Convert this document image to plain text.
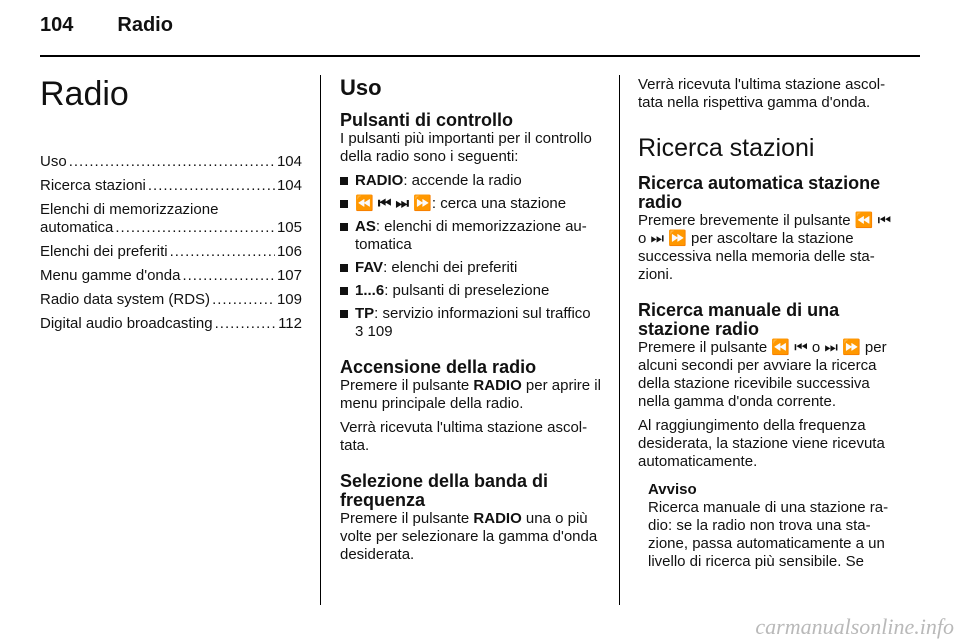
104 Radio
Radio
Uso .....	104
Ricerca stazioni .....	104
Elenchi di memorizzazione
automatica .....	105
Elenchi dei preferiti .....	106
Menu gamme d'onda .....	107
Radio data system (RDS) .....	109
Digital audio broadcasting .....	112
Uso
Pulsanti di controllo

I pulsanti più importanti per il controllo della radio sono i seguenti:

RADIO: accende la radio
⏪ ⏮ ⏭ ⏩: cerca una stazione
AS: elenchi di memorizzazione automatica
FAV: elenchi dei preferiti
1...6: pulsanti di preselezione
TP: servizio informazioni sul traffico
3 109
Accensione della radio

Premere il pulsante RADIO per aprire il menu principale della radio.

Verrà ricevuta l'ultima stazione ascoltata.

Selezione della banda di frequenza

Premere il pulsante RADIO una o più volte per selezionare la gamma d'onda desiderata.

Verrà ricevuta l'ultima stazione ascoltata nella rispettiva gamma d'onda.

Ricerca stazioni
Ricerca automatica stazione radio

Premere brevemente il pulsante ⏪ ⏮ o ⏭ ⏩ per ascoltare la stazione successiva nella memoria delle stazioni.

Ricerca manuale di una stazione radio

Premere il pulsante ⏪ ⏮ o ⏭ ⏩ per alcuni secondi per avviare la ricerca della stazione ricevibile successiva nella gamma d'onda corrente.

Al raggiungimento della frequenza desiderata, la stazione viene ricevuta automaticamente.

Avviso
Ricerca manuale di una stazione radio: se la radio non trova una stazione, passa automaticamente a un livello di ricerca più sensibile. Se
carmanualsonline.info
